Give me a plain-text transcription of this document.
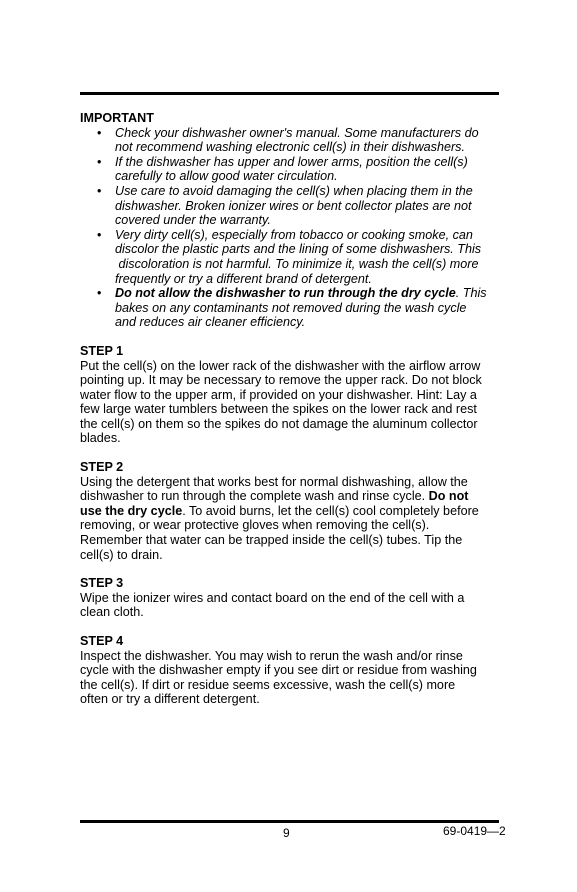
IMPORTANT
• Check your dishwasher owner's manual. Some manufacturers do
not recommend washing electronic cell(s) in their dishwashers.
• If the dishwasher has upper and lower arms, position the cell(s)
carefully to allow good water circulation.
• Use care to avoid damaging the cell(s) when placing them in the
dishwasher. Broken ionizer wires or bent collector plates are not
covered under the warranty.
• Very dirty cell(s), especially from tobacco or cooking smoke, can
discolor the plastic parts and the lining of some dishwashers. This
discoloration is not harmful. To minimize it, wash the cell(s) more
frequently or try a different brand of detergent.
• Do not allow the dishwasher to run through the dry cycle. This
bakes on any contaminants not removed during the wash cycle
and reduces air cleaner efficiency.
STEP 1
Put the cell(s) on the lower rack of the dishwasher with the airflow arrow
pointing up. It may be necessary to remove the upper rack. Do not block
water flow to the upper arm, if provided on your dishwasher. Hint: Lay a
few large water tumblers between the spikes on the lower rack and rest
the cell(s) on them so the spikes do not damage the aluminum collector
blades.
STEP 2
Using the detergent that works best for normal dishwashing, allow the
dishwasher to run through the complete wash and rinse cycle. Do not
use the dry cycle. To avoid burns, let the cell(s) cool completely before
removing, or wear protective gloves when removing the cell(s).
Remember that water can be trapped inside the cell(s) tubes. Tip the
cell(s) to drain.
STEP 3
Wipe the ionizer wires and contact board on the end of the cell with a
clean cloth.
STEP 4
Inspect the dishwasher. You may wish to rerun the wash and/or rinse
cycle with the dishwasher empty if you see dirt or residue from washing
the cell(s). If dirt or residue seems excessive, wash the cell(s) more
often or try a different detergent.
9	69-0419—2
